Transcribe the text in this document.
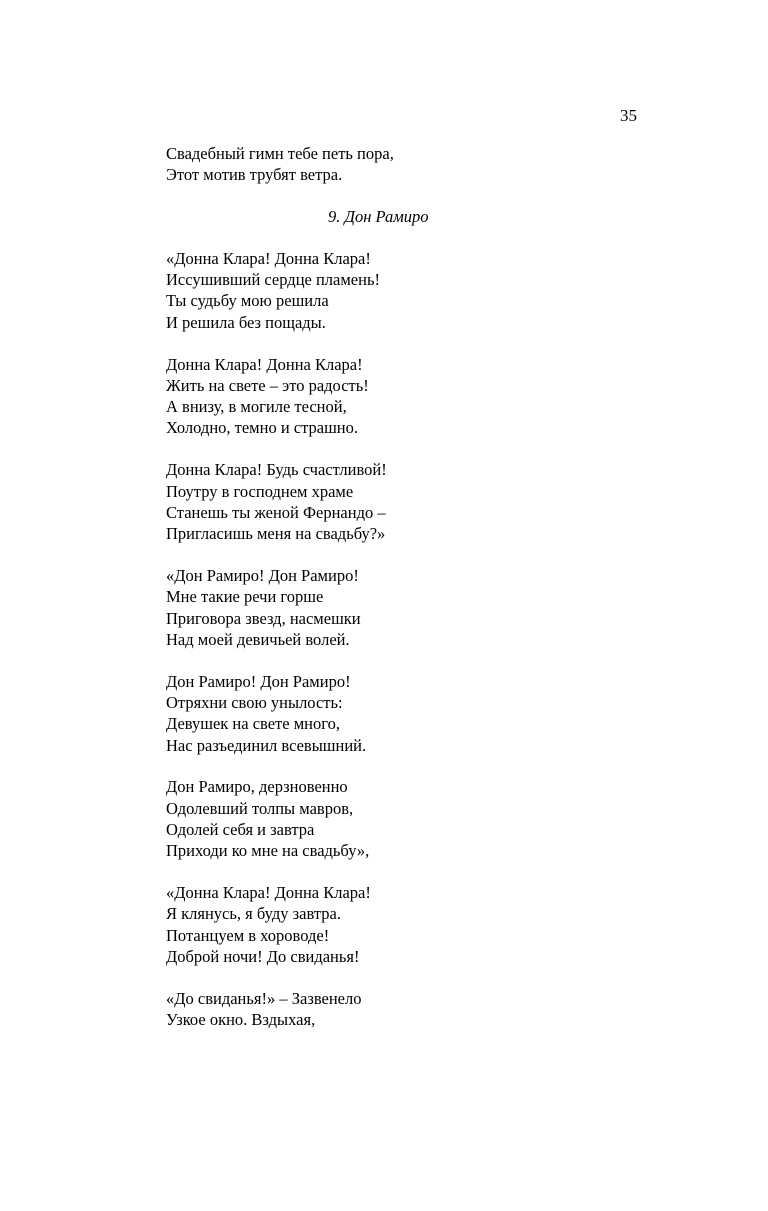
35
Свадебный гимн тебе петь пора,
Этот мотив трубят ветра.
9. Дон Рамиро
«Донна Клара! Донна Клара!
Иссушивший сердце пламень!
Ты судьбу мою решила
И решила без пощады.
Донна Клара! Донна Клара!
Жить на свете – это радость!
А внизу, в могиле тесной,
Холодно, темно и страшно.
Донна Клара! Будь счастливой!
Поутру в господнем храме
Станешь ты женой Фернандо –
Пригласишь меня на свадьбу?»
«Дон Рамиро! Дон Рамиро!
Мне такие речи горше
Приговора звезд, насмешки
Над моей девичьей волей.
Дон Рамиро! Дон Рамиро!
Отряхни свою унылость:
Девушек на свете много,
Нас разъединил всевышний.
Дон Рамиро, дерзновенно
Одолевший толпы мавров,
Одолей себя и завтра
Приходи ко мне на свадьбу»,
«Донна Клара! Донна Клара!
Я клянусь, я буду завтра.
Потанцуем в хороводе!
Доброй ночи! До свиданья!
«До свиданья!» – Зазвенело
Узкое окно. Вздыхая,
